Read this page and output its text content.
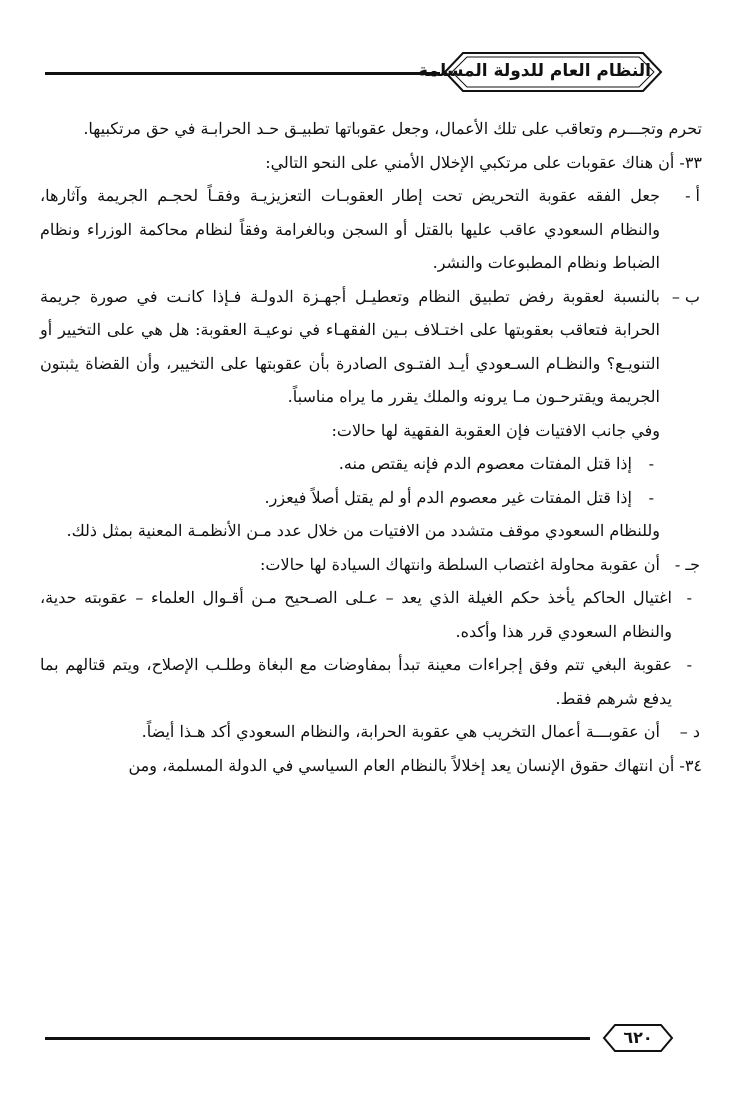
النظام العام للدولة المسلمة

تحرم وتجـــرم وتعاقب على تلك الأعمال، وجعل عقوباتها تطبيـق حـد الحرابـة في حق مرتكبيها.

٣٣- أن هناك عقوبات على مرتكبي الإخلال الأمني على النحو التالي:

أ -
جعل الفقه عقوبة التحريض تحت إطار العقوبـات التعزيزيـة وفقـاً لحجـم الجريمة وآثارها، والنظام السعودي عاقب عليها بالقتل أو السجن وبالغرامة وفقاً لنظام محاكمة الوزراء ونظام الضباط ونظام المطبوعات والنشر.

ب –
بالنسبة لعقوبة رفض تطبيق النظام وتعطيـل أجهـزة الدولـة فـإذا كانـت في صورة جريمة الحرابة فتعاقب بعقوبتها على اختـلاف بـين الفقهـاء في نوعيـة العقوبة: هل هي على التخيير أو التنويـع؟ والنظـام السـعودي أيـد الفتـوى الصادرة بأن عقوبتها على التخيير، وأن القضاة يثبتون الجريمة ويقترحـون مـا يرونه والملك يقرر ما يراه مناسباً.

وفي جانب الافتيات فإن العقوبة الفقهية لها حالات:

-
إذا قتل المفتات معصوم الدم فإنه يقتص منه.

-
إذا قتل المفتات غير معصوم الدم أو لم يقتل أصلاً فيعزر.

وللنظام السعودي موقف متشدد من الافتيات من خلال عدد مـن الأنظمـة المعنية بمثل ذلك.

جـ -
أن عقوبة محاولة اغتصاب السلطة وانتهاك السيادة لها حالات:

-
اغتيال الحاكم يأخذ حكم الغيلة الذي يعد – عـلى الصـحيح مـن أقـوال العلماء – عقوبته حدية، والنظام السعودي قرر هذا وأكده.

-
عقوبة البغي تتم وفق إجراءات معينة تبدأ بمفاوضات مع البغاة وطلـب الإصلاح، ويتم قتالهم بما يدفع شرهم فقط.

د –
أن عقوبـــة أعمال التخريب هي عقوبة الحرابة، والنظام السعودي أكد هـذا أيضاً.

٣٤- أن انتهاك حقوق الإنسان يعد إخلالاً بالنظام العام السياسي في الدولة المسلمة، ومن

٦٢٠
